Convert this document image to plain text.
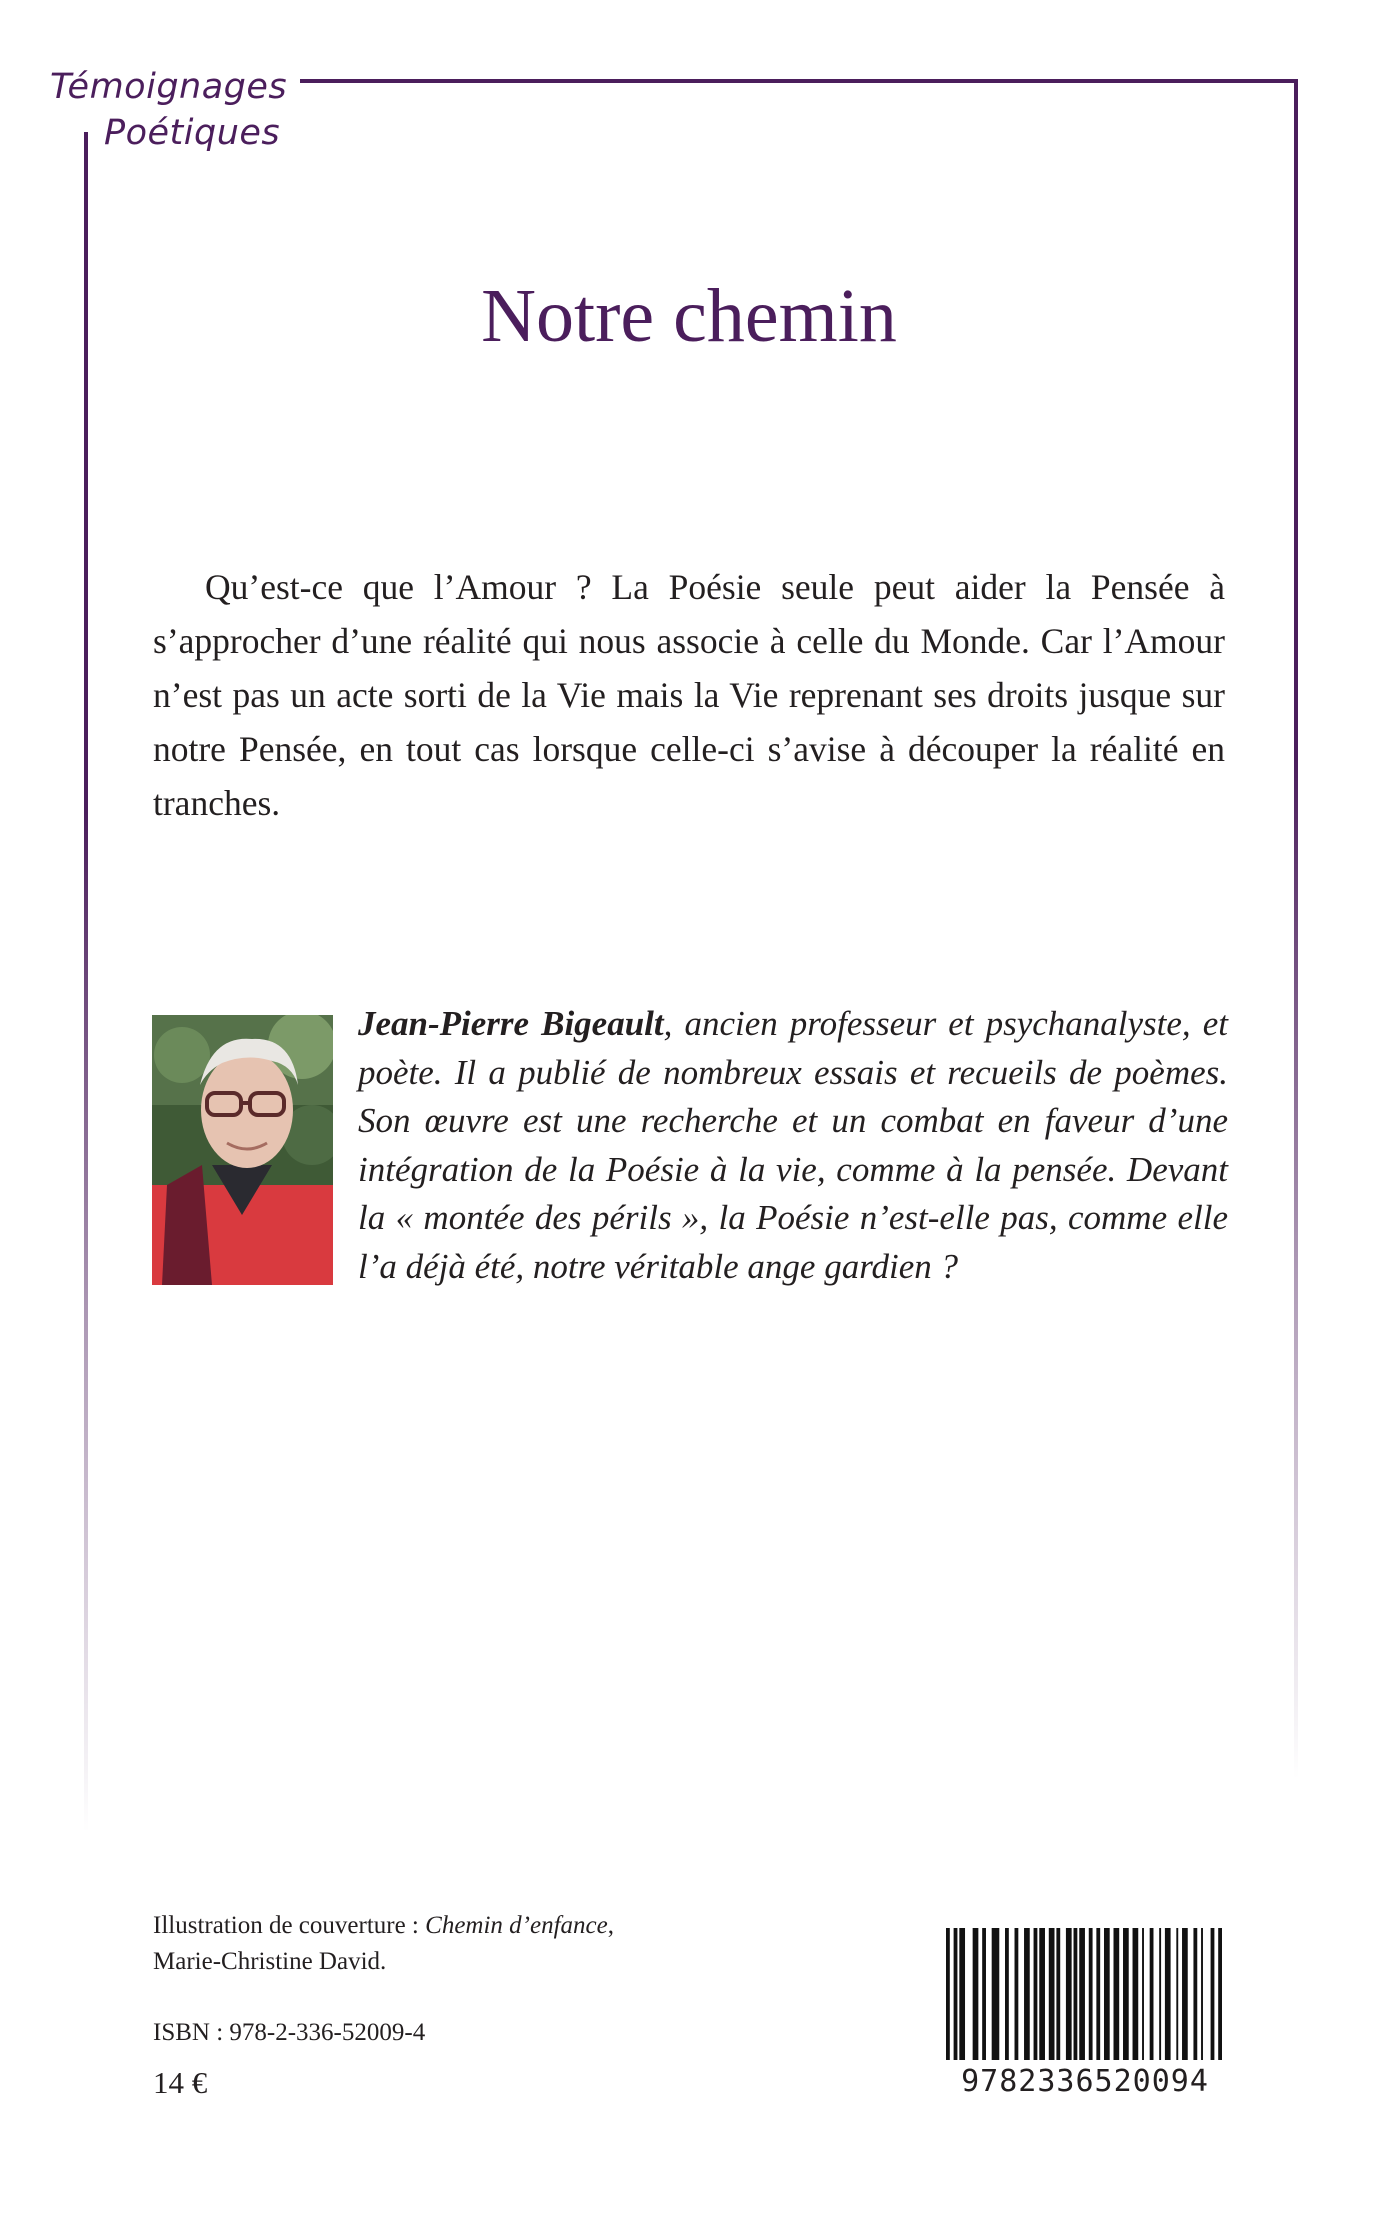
Témoignages
Poétiques
Notre chemin

Qu’est-ce que l’Amour ? La Poésie seule peut aider la Pensée à s’approcher d’une réalité qui nous associe à celle du Monde. Car l’Amour n’est pas un acte sorti de la Vie mais la Vie reprenant ses droits jusque sur notre Pensée, en tout cas lorsque celle-ci s’avise à découper la réalité en tranches.

Jean-Pierre Bigeault, ancien professeur et psychanalyste, et poète. Il a publié de nombreux essais et recueils de poèmes. Son œuvre est une recherche et un combat en faveur d’une intégration de la Poésie à la vie, comme à la pensée. Devant la « montée des périls », la Poésie n’est-elle pas, comme elle l’a déjà été, notre véritable ange gardien ?

Illustration de couverture : Chemin d’enfance,
Marie-Christine David.
ISBN : 978-2-336-52009-4
14 €	9782336520094
